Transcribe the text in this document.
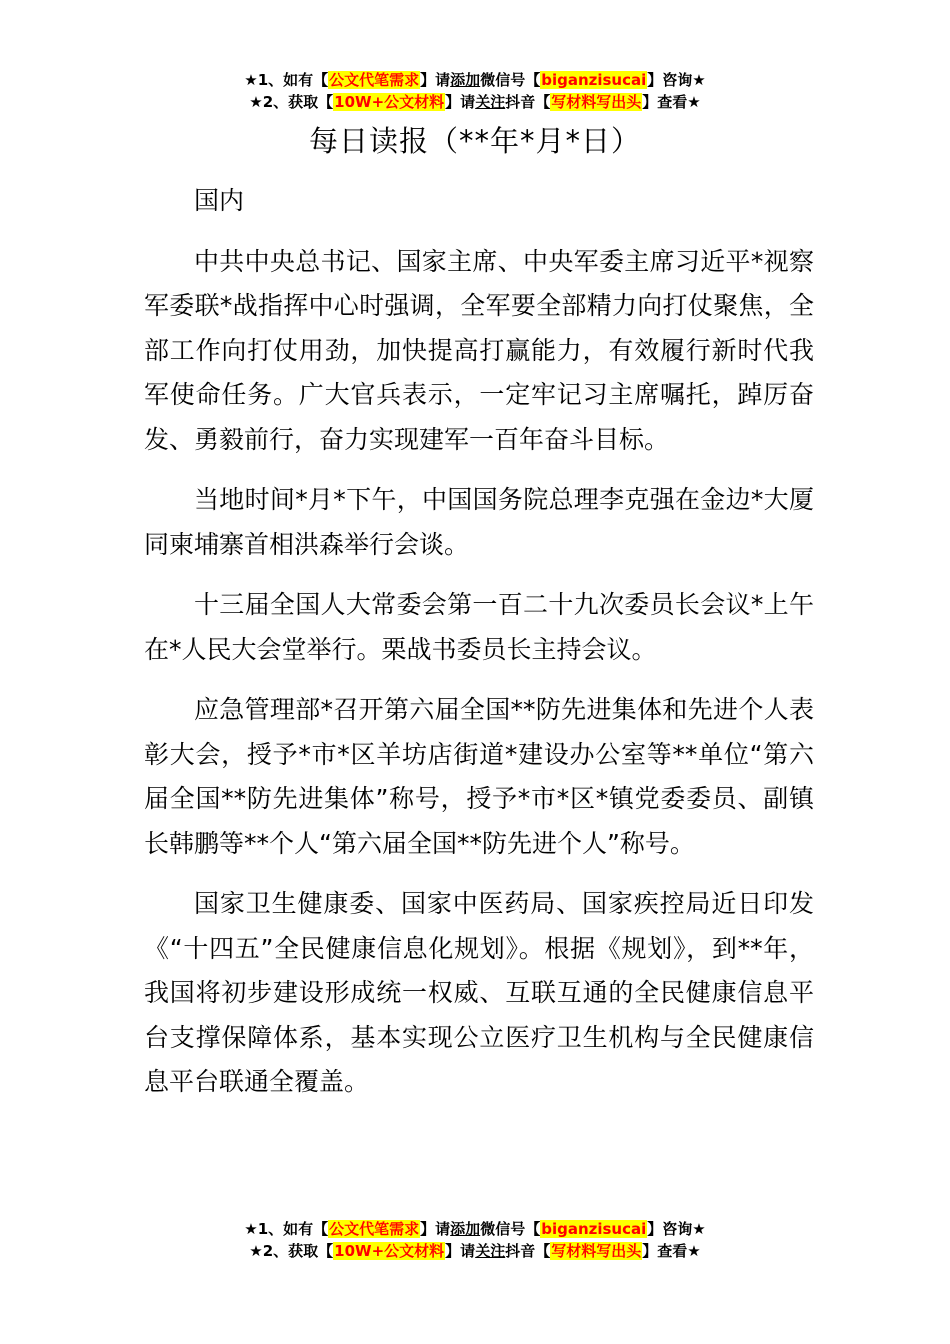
★1、如有【公文代笔需求】请添加微信号【biganzisucai】咨询★
★2、获取【10W+公文材料】请关注抖音【写材料写出头】查看★
每日读报（**年*月*日）

国内

中共中央总书记、国家主席、中央军委主席习近平*视察军委联*战指挥中心时强调，全军要全部精力向打仗聚焦，全部工作向打仗用劲，加快提高打赢能力，有效履行新时代我军使命任务。广大官兵表示，一定牢记习主席嘱托，踔厉奋发、勇毅前行，奋力实现建军一百年奋斗目标。

当地时间*月*下午，中国国务院总理李克强在金边*大厦同柬埔寨首相洪森举行会谈。

十三届全国人大常委会第一百二十九次委员长会议*上午在*人民大会堂举行。栗战书委员长主持会议。

应急管理部*召开第六届全国**防先进集体和先进个人表彰大会，授予*市*区羊坊店街道*建设办公室等**单位“第六届全国**防先进集体”称号，授予*市*区*镇党委委员、副镇长韩鹏等**个人“第六届全国**防先进个人”称号。

国家卫生健康委、国家中医药局、国家疾控局近日印发《“十四五”全民健康信息化规划》。根据《规划》，到**年，我国将初步建设形成统一权威、互联互通的全民健康信息平台支撑保障体系，基本实现公立医疗卫生机构与全民健康信息平台联通全覆盖。

★1、如有【公文代笔需求】请添加微信号【biganzisucai】咨询★
★2、获取【10W+公文材料】请关注抖音【写材料写出头】查看★
